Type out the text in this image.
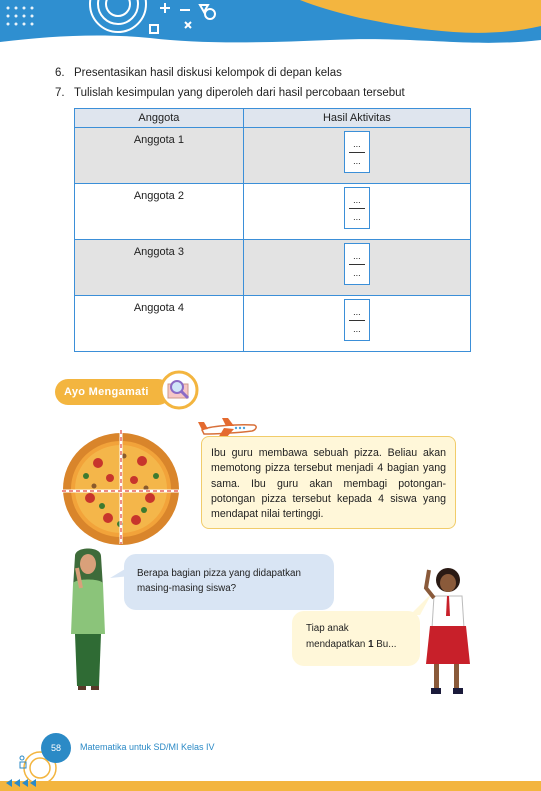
6. Presentasikan hasil diskusi kelompok di depan kelas
7. Tulislah kesimpulan yang diperoleh dari hasil percobaan tersebut
Anggota	Hasil Aktivitas
Anggota 1	$\frac{...}{...}$

Anggota 2	$\frac{...}{...}$

Anggota 3	$\frac{...}{...}$

Anggota 4	$\frac{...}{...}$
Ayo Mengamati
Ibu guru membawa sebuah pizza. Beliau akan memotong pizza tersebut menjadi 4 bagian yang sama. Ibu guru akan membagi potongan-potongan pizza tersebut kepada 4 siswa yang mendapat nilai tertinggi.
Berapa bagian pizza yang didapatkan masing-masing siswa?
Tiap anak mendapatkan 1 Bu...
58	Matematika untuk SD/MI Kelas IV
